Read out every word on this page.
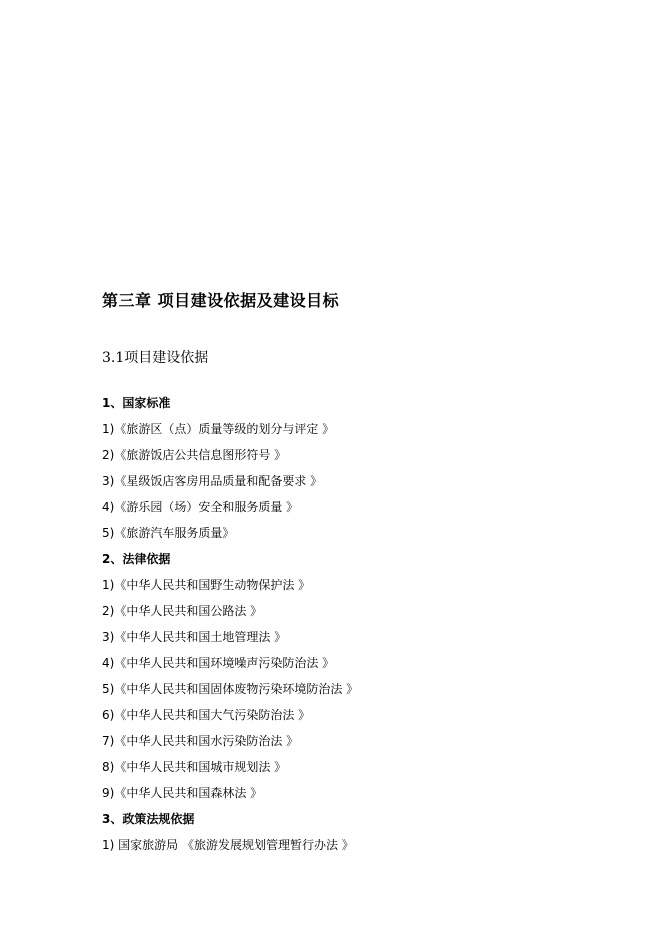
第三章 项目建设依据及建设目标
3.1项目建设依据
1、国家标准
1)《旅游区（点）质量等级的划分与评定 》
2)《旅游饭店公共信息图形符号 》
3)《星级饭店客房用品质量和配备要求 》
4)《游乐园（场）安全和服务质量 》
5)《旅游汽车服务质量》
2、法律依据
1)《中华人民共和国野生动物保护法 》
2)《中华人民共和国公路法 》
3)《中华人民共和国土地管理法 》
4)《中华人民共和国环境噪声污染防治法 》
5)《中华人民共和国固体废物污染环境防治法 》
6)《中华人民共和国大气污染防治法 》
7)《中华人民共和国水污染防治法 》
8)《中华人民共和国城市规划法 》
9)《中华人民共和国森林法 》
3、政策法规依据
1) 国家旅游局 《旅游发展规划管理暂行办法 》
